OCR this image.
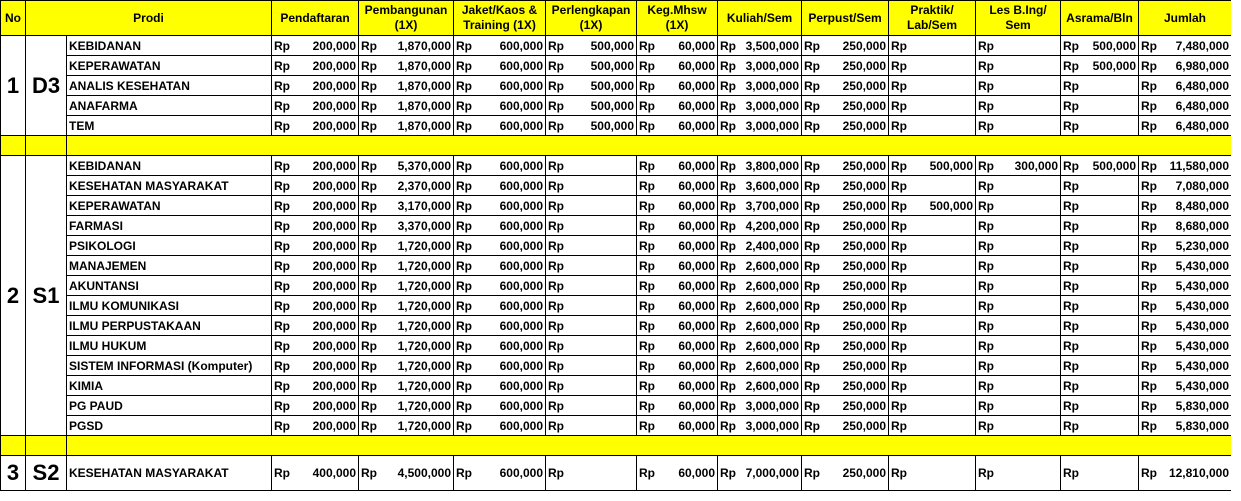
No	Prodi		Pendaftaran	Pembangunan (1X)	Jaket/Kaos & Training (1X)	Perlengkapan (1X)	Keg.Mhsw (1X)	Kuliah/Sem	Perpust/Sem	Praktik/ Lab/Sem	Les B.Ing/ Sem	Asrama/Bln	Jumlah
1	D3	KEBIDANAN	Rp 200,000	Rp 1,870,000	Rp 600,000	Rp 500,000	Rp 60,000	Rp 3,500,000	Rp 250,000	Rp	Rp	Rp 500,000	Rp 7,480,000

		KEPERAWATAN	Rp 200,000	Rp 1,870,000	Rp 600,000	Rp 500,000	Rp 60,000	Rp 3,000,000	Rp 250,000	Rp	Rp	Rp 500,000	Rp 6,980,000

		ANALIS KESEHATAN	Rp 200,000	Rp 1,870,000	Rp 600,000	Rp 500,000	Rp 60,000	Rp 3,000,000	Rp 250,000	Rp	Rp	Rp	Rp 6,480,000

		ANAFARMA	Rp 200,000	Rp 1,870,000	Rp 600,000	Rp 500,000	Rp 60,000	Rp 3,000,000	Rp 250,000	Rp	Rp	Rp	Rp 6,480,000

		TEM	Rp 200,000	Rp 1,870,000	Rp 600,000	Rp 500,000	Rp 60,000	Rp 3,000,000	Rp 250,000	Rp	Rp	Rp	Rp 6,480,000

2	S1	KEBIDANAN	Rp 200,000	Rp 5,370,000	Rp 600,000	Rp	Rp 60,000	Rp 3,800,000	Rp 250,000	Rp 500,000	Rp 300,000	Rp 500,000	Rp 11,580,000

		KESEHATAN MASYARAKAT	Rp 200,000	Rp 2,370,000	Rp 600,000	Rp	Rp 60,000	Rp 3,600,000	Rp 250,000	Rp	Rp	Rp	Rp 7,080,000

		KEPERAWATAN	Rp 200,000	Rp 3,170,000	Rp 600,000	Rp	Rp 60,000	Rp 3,700,000	Rp 250,000	Rp 500,000	Rp	Rp	Rp 8,480,000

		FARMASI	Rp 200,000	Rp 3,370,000	Rp 600,000	Rp	Rp 60,000	Rp 4,200,000	Rp 250,000	Rp	Rp	Rp	Rp 8,680,000

		PSIKOLOGI	Rp 200,000	Rp 1,720,000	Rp 600,000	Rp	Rp 60,000	Rp 2,400,000	Rp 250,000	Rp	Rp	Rp	Rp 5,230,000

		MANAJEMEN	Rp 200,000	Rp 1,720,000	Rp 600,000	Rp	Rp 60,000	Rp 2,600,000	Rp 250,000	Rp	Rp	Rp	Rp 5,430,000

		AKUNTANSI	Rp 200,000	Rp 1,720,000	Rp 600,000	Rp	Rp 60,000	Rp 2,600,000	Rp 250,000	Rp	Rp	Rp	Rp 5,430,000

		ILMU KOMUNIKASI	Rp 200,000	Rp 1,720,000	Rp 600,000	Rp	Rp 60,000	Rp 2,600,000	Rp 250,000	Rp	Rp	Rp	Rp 5,430,000

		ILMU PERPUSTAKAAN	Rp 200,000	Rp 1,720,000	Rp 600,000	Rp	Rp 60,000	Rp 2,600,000	Rp 250,000	Rp	Rp	Rp	Rp 5,430,000

		ILMU HUKUM	Rp 200,000	Rp 1,720,000	Rp 600,000	Rp	Rp 60,000	Rp 2,600,000	Rp 250,000	Rp	Rp	Rp	Rp 5,430,000

		SISTEM INFORMASI (Komputer)	Rp 200,000	Rp 1,720,000	Rp 600,000	Rp	Rp 60,000	Rp 2,600,000	Rp 250,000	Rp	Rp	Rp	Rp 5,430,000

		KIMIA	Rp 200,000	Rp 1,720,000	Rp 600,000	Rp	Rp 60,000	Rp 2,600,000	Rp 250,000	Rp	Rp	Rp	Rp 5,430,000

		PG PAUD	Rp 200,000	Rp 1,720,000	Rp 600,000	Rp	Rp 60,000	Rp 3,000,000	Rp 250,000	Rp	Rp	Rp	Rp 5,830,000

		PGSD	Rp 200,000	Rp 1,720,000	Rp 600,000	Rp	Rp 60,000	Rp 3,000,000	Rp 250,000	Rp	Rp	Rp	Rp 5,830,000

3	S2	KESEHATAN MASYARAKAT	Rp 400,000	Rp 4,500,000	Rp 600,000	Rp	Rp 60,000	Rp 7,000,000	Rp 250,000	Rp	Rp	Rp	Rp 12,810,000
